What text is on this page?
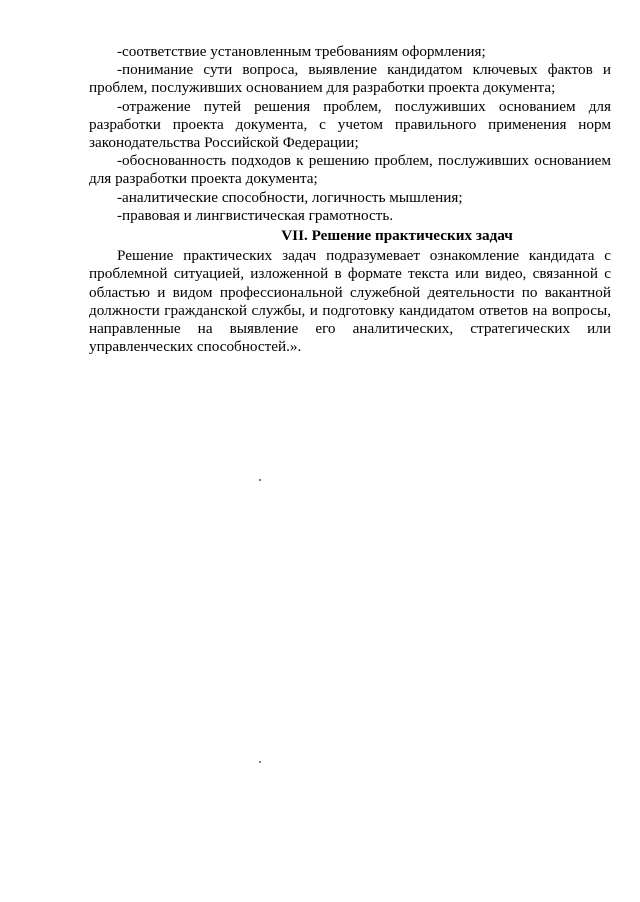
-соответствие установленным требованиям оформления;

-понимание сути вопроса, выявление кандидатом ключевых фактов и проблем, послуживших основанием для разработки проекта документа;

-отражение путей решения проблем, послуживших основанием для разработки проекта документа, с учетом правильного применения норм законодательства Российской Федерации;

-обоснованность подходов к решению проблем, послуживших основанием для разработки проекта документа;

-аналитические способности, логичность мышления;

-правовая и лингвистическая грамотность.

VII. Решение практических задач

Решение практических задач подразумевает ознакомление кандидата с проблемной ситуацией, изложенной в формате текста или видео, связанной с областью и видом профессиональной служебной деятельности по вакантной должности гражданской службы, и подготовку кандидатом ответов на вопросы, направленные на выявление его аналитических, стратегических или управленческих способностей.».
